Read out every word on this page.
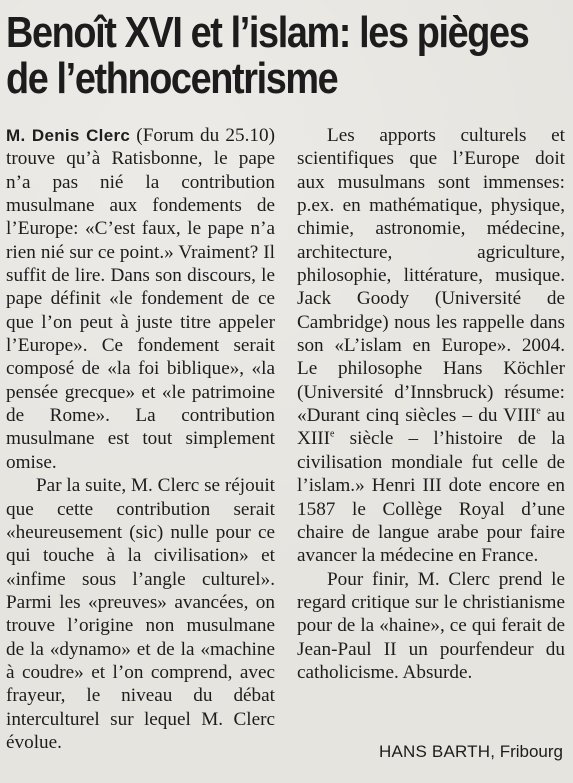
Benoît XVI et l’islam: les pièges
de l’ethnocentrisme

M. Denis Clerc (Forum du 25.10) trouve qu’à Ratisbonne, le pape n’a pas nié la contribution musulmane aux fondements de l’Europe: «C’est faux, le pape n’a rien nié sur ce point.» Vraiment? Il suffit de lire. Dans son discours, le pape définit «le fondement de ce que l’on peut à juste titre appeler l’Europe». Ce fondement serait composé de «la foi biblique», «la pensée grecque» et «le patrimoine de Rome». La contribution musulmane est tout simplement omise.

Par la suite, M. Clerc se réjouit que cette contribution serait «heureusement (sic) nulle pour ce qui touche à la civilisation» et «infime sous l’angle culturel». Parmi les «preuves» avancées, on trouve l’origine non musulmane de la «dynamo» et de la «machine à coudre» et l’on comprend, avec frayeur, le niveau du débat interculturel sur lequel M. Clerc évolue.

Les apports culturels et scientifiques que l’Europe doit aux musulmans sont immenses: p.ex. en mathématique, physique, chimie, astronomie, médecine, architecture, agriculture, philosophie, littérature, musique. Jack Goody (Université de Cambridge) nous les rappelle dans son «L’islam en Europe». 2004. Le philosophe Hans Köchler (Université d’Innsbruck) résume: «Durant cinq siècles – du VIIIe au XIIIe siècle – l’histoire de la civilisation mondiale fut celle de l’islam.» Henri III dote encore en 1587 le Collège Royal d’une chaire de langue arabe pour faire avancer la médecine en France.

Pour finir, M. Clerc prend le regard critique sur le christianisme pour de la «haine», ce qui ferait de Jean-Paul II un pourfendeur du catholicisme. Absurde.

HANS BARTH, Fribourg
